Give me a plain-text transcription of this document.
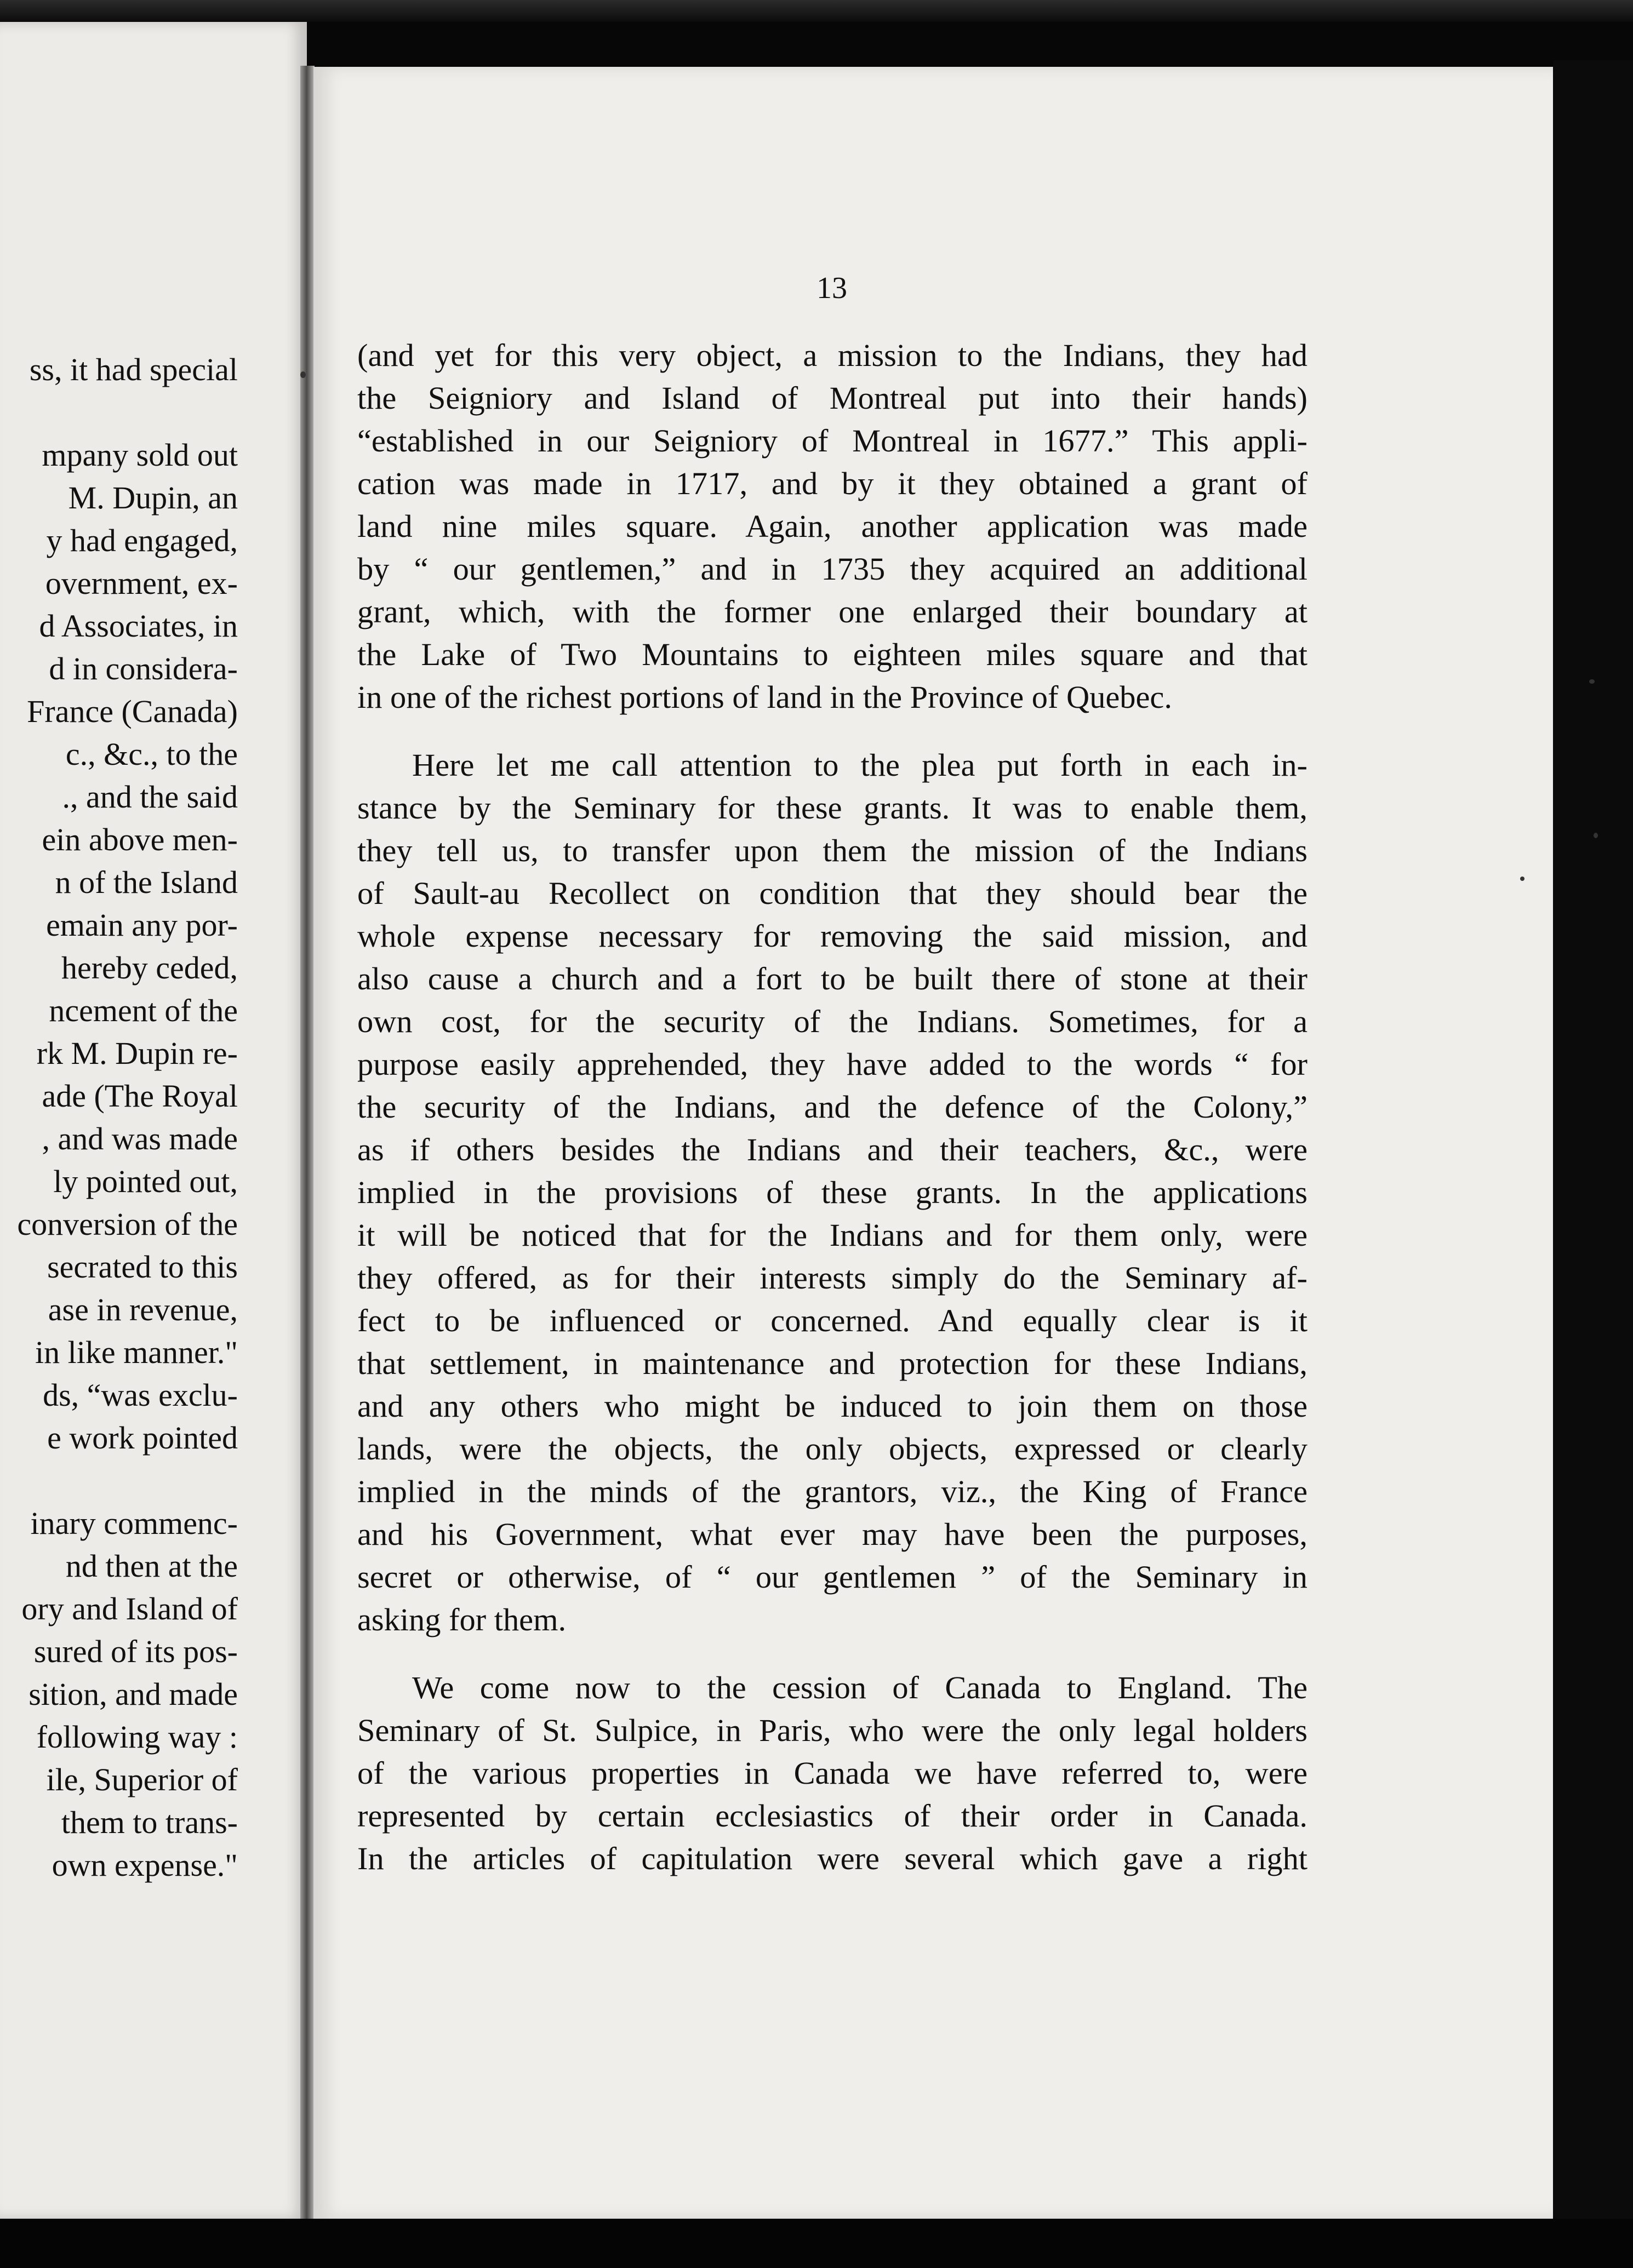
ss, it had special
mpany sold out
M. Dupin, an
y had engaged,
overnment, ex-
d Associates, in
d in considera-
France (Canada)
c., &c., to the
., and the said
ein above men-
n of the Island
emain any por-
hereby ceded,
ncement of the
rk M. Dupin re-
ade (The Royal
, and was made
ly pointed out,
conversion of the
secrated to this
ase in revenue,
in like manner."
ds, “was exclu-
e work pointed
inary commenc-
nd then at the
ory and Island of
sured of its pos-
sition, and made
following way :
ile, Superior of
them to trans-
own expense."
13
(and yet for this very object, a mission to the Indians, they had
the Seigniory and Island of Montreal put into their hands)
“established in our Seigniory of Montreal in 1677.” This appli-
cation was made in 1717, and by it they obtained a grant of
land nine miles square. Again, another application was made
by “ our gentlemen,” and in 1735 they acquired an additional
grant, which, with the former one enlarged their boundary at
the Lake of Two Mountains to eighteen miles square and that
in one of the richest portions of land in the Province of Quebec.
Here let me call attention to the plea put forth in each in-
stance by the Seminary for these grants. It was to enable them,
they tell us, to transfer upon them the mission of the Indians
of Sault-au Recollect on condition that they should bear the
whole expense necessary for removing the said mission, and
also cause a church and a fort to be built there of stone at their
own cost, for the security of the Indians. Sometimes, for a
purpose easily apprehended, they have added to the words “ for
the security of the Indians, and the defence of the Colony,”
as if others besides the Indians and their teachers, &c., were
implied in the provisions of these grants. In the applications
it will be noticed that for the Indians and for them only, were
they offered, as for their interests simply do the Seminary af-
fect to be influenced or concerned. And equally clear is it
that settlement, in maintenance and protection for these Indians,
and any others who might be induced to join them on those
lands, were the objects, the only objects, expressed or clearly
implied in the minds of the grantors, viz., the King of France
and his Government, what ever may have been the purposes,
secret or otherwise, of “ our gentlemen ” of the Seminary in
asking for them.
We come now to the cession of Canada to England. The
Seminary of St. Sulpice, in Paris, who were the only legal holders
of the various properties in Canada we have referred to, were
represented by certain ecclesiastics of their order in Canada.
In the articles of capitulation were several which gave a right
